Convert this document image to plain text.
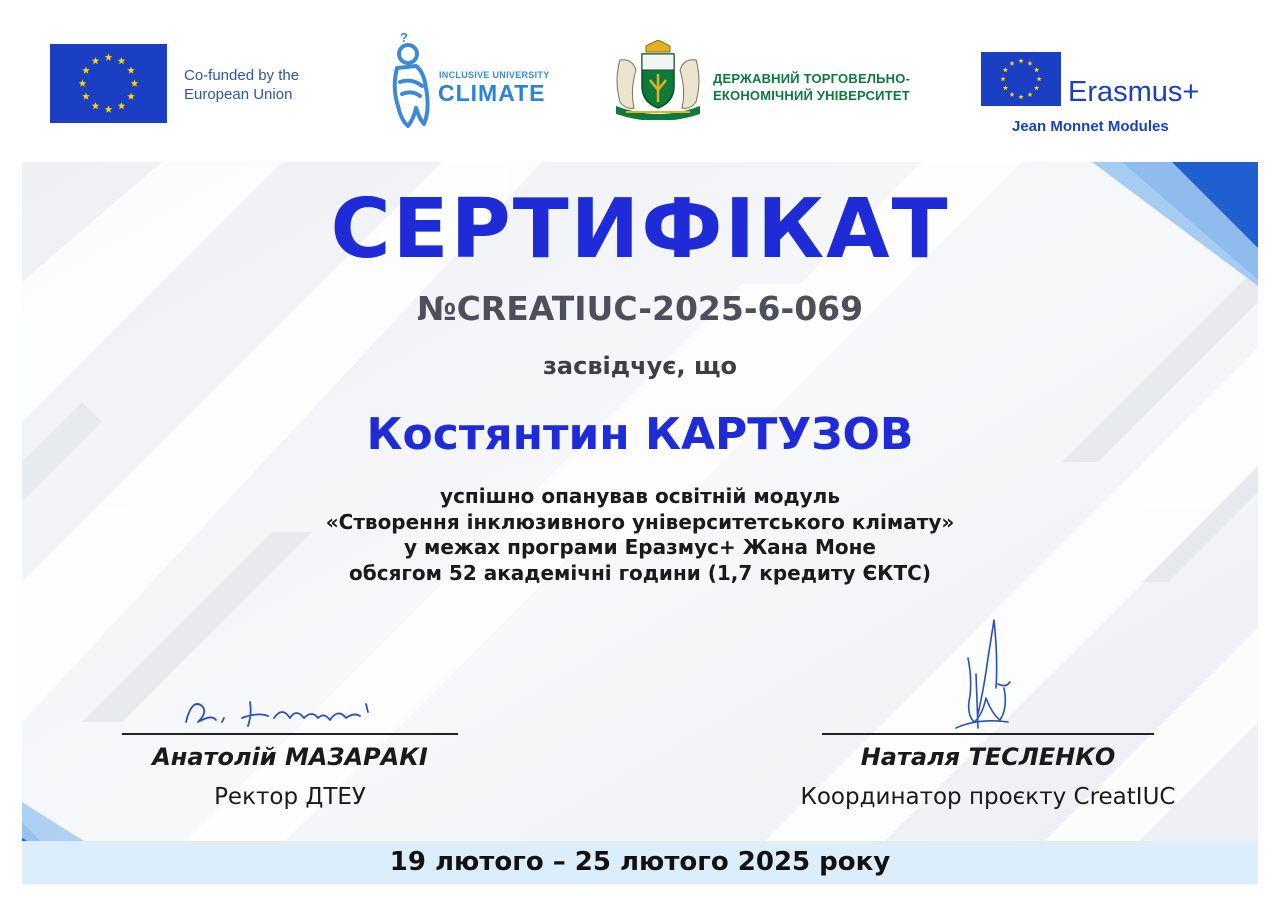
Co-funded by the
European Union
?
INCLUSIVE UNIVERSITY
CLIMATE
ДЕРЖАВНИЙ ТОРГОВЕЛЬНО-
ЕКОНОМІЧНИЙ УНІВЕРСИТЕТ	Erasmus+
Jean Monnet Modules
СЕРТИФІКАТ
№CREATIUC-2025-6-069
засвідчує, що
Костянтин КАРТУЗОВ
успішно опанував освітній модуль
«Створення інклюзивного університетського клімату»
у межах програми Еразмус+ Жана Моне
обсягом 52 академічні години (1,7 кредиту ЄКТС)
Анатолій МАЗАРАКІ
Ректор ДТЕУ
Наталя ТЕСЛЕНКО
Координатор проєкту CreatIUC
19 лютого – 25 лютого 2025 року
